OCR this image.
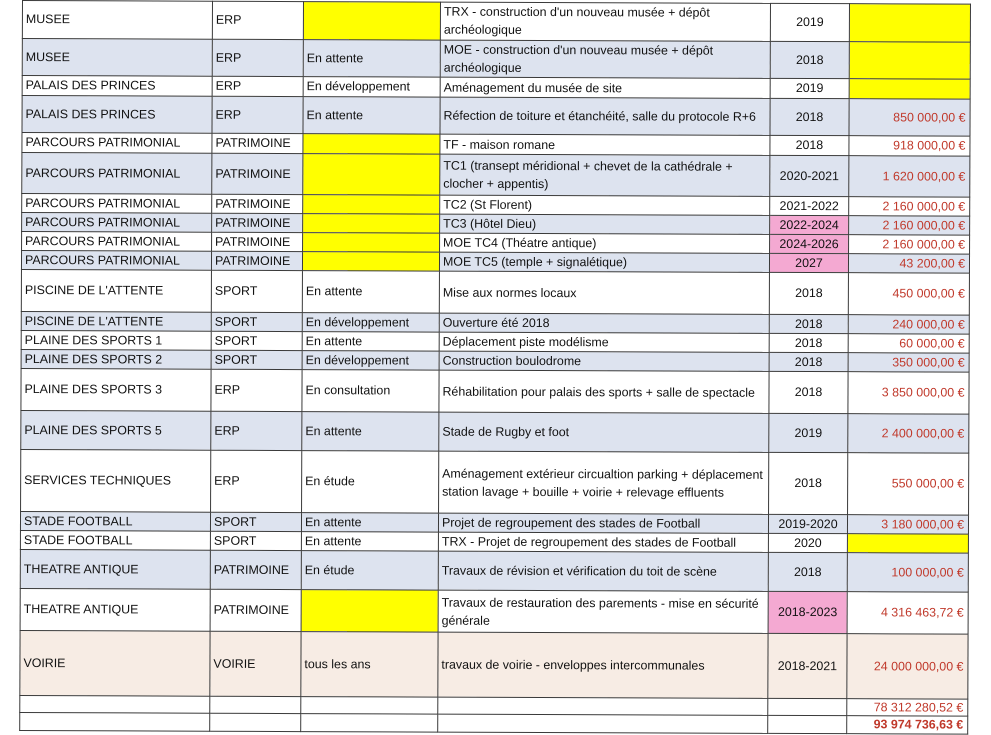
MUSEE	ERP		TRX - construction d'un nouveau musée + dépôt archéologique	2019	
MUSEE	ERP	En attente	MOE - construction d'un nouveau musée + dépôt archéologique	2018	
PALAIS DES PRINCES	ERP	En développement	Aménagement du musée de site	2019	
PALAIS DES PRINCES	ERP	En attente	Réfection de toiture et étanchéité, salle du protocole R+6	2018	850 000,00 €
PARCOURS PATRIMONIAL	PATRIMOINE		TF - maison romane	2018	918 000,00 €
PARCOURS PATRIMONIAL	PATRIMOINE		TC1 (transept méridional + chevet de la cathédrale + clocher + appentis)	2020-2021	1 620 000,00 €
PARCOURS PATRIMONIAL	PATRIMOINE		TC2 (St Florent)	2021-2022	2 160 000,00 €
PARCOURS PATRIMONIAL	PATRIMOINE		TC3 (Hôtel Dieu)	2022-2024	2 160 000,00 €
PARCOURS PATRIMONIAL	PATRIMOINE		MOE TC4 (Théatre antique)	2024-2026	2 160 000,00 €
PARCOURS PATRIMONIAL	PATRIMOINE		MOE TC5 (temple + signalétique)	2027	43 200,00 €
PISCINE DE L'ATTENTE	SPORT	En attente	Mise aux normes locaux	2018	450 000,00 €
PISCINE DE L'ATTENTE	SPORT	En développement	Ouverture été 2018	2018	240 000,00 €
PLAINE DES SPORTS 1	SPORT	En attente	Déplacement piste modélisme	2018	60 000,00 €
PLAINE DES SPORTS 2	SPORT	En développement	Construction boulodrome	2018	350 000,00 €
PLAINE DES SPORTS 3	ERP	En consultation	Réhabilitation pour palais des sports + salle de spectacle	2018	3 850 000,00 €
PLAINE DES SPORTS 5	ERP	En attente	Stade de Rugby et foot	2019	2 400 000,00 €
SERVICES TECHNIQUES	ERP	En étude	Aménagement extérieur circualtion parking + déplacement station lavage + bouille + voirie + relevage effluents	2018	550 000,00 €
STADE FOOTBALL	SPORT	En attente	Projet de regroupement des stades de Football	2019-2020	3 180 000,00 €
STADE FOOTBALL	SPORT	En attente	TRX - Projet de regroupement des stades de Football	2020	
THEATRE ANTIQUE	PATRIMOINE	En étude	Travaux de révision et vérification du toit de scène	2018	100 000,00 €
THEATRE ANTIQUE	PATRIMOINE		Travaux de restauration des parements - mise en sécurité générale	2018-2023	4 316 463,72 €
VOIRIE	VOIRIE	tous les ans	travaux de voirie - enveloppes intercommunales	2018-2021	24 000 000,00 €
					78 312 280,52 €
					93 974 736,63 €
